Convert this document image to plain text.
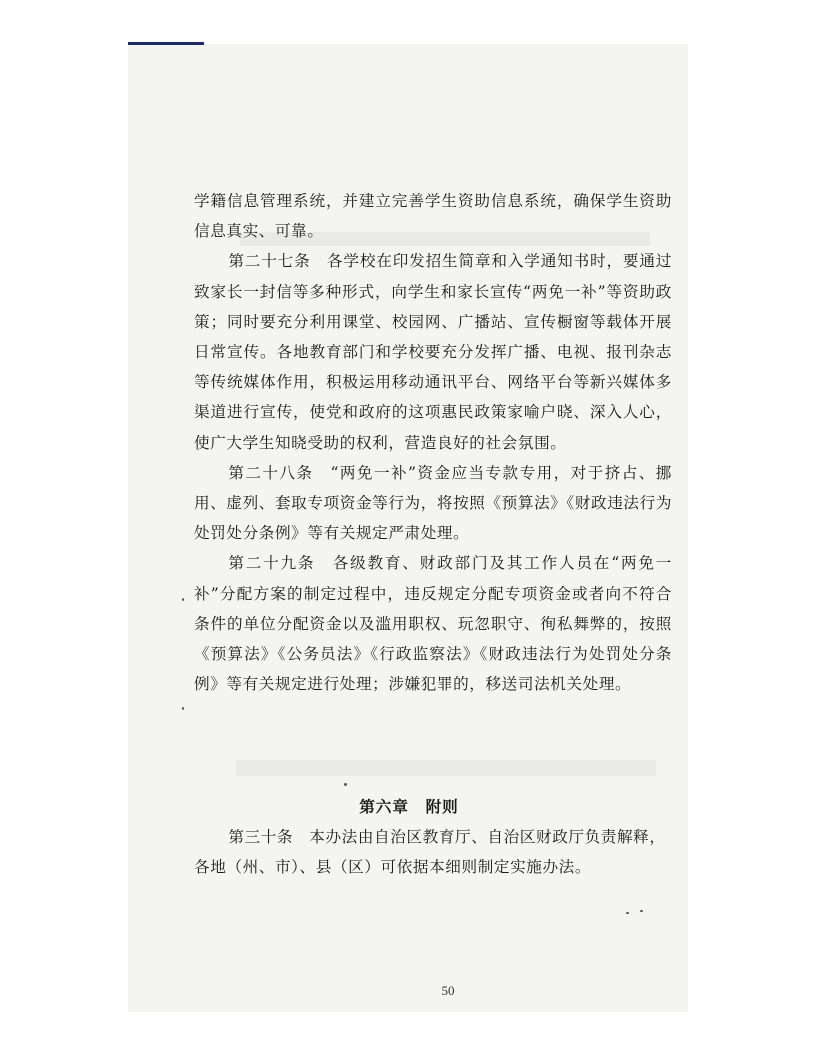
学籍信息管理系统，并建立完善学生资助信息系统，确保学生资助信息真实、可靠。

第二十七条　各学校在印发招生简章和入学通知书时，要通过致家长一封信等多种形式，向学生和家长宣传“两免一补”等资助政策；同时要充分利用课堂、校园网、广播站、宣传橱窗等载体开展日常宣传。各地教育部门和学校要充分发挥广播、电视、报刊杂志等传统媒体作用，积极运用移动通讯平台、网络平台等新兴媒体多渠道进行宣传，使党和政府的这项惠民政策家喻户晓、深入人心，使广大学生知晓受助的权利，营造良好的社会氛围。

第二十八条　“两免一补”资金应当专款专用，对于挤占、挪用、虚列、套取专项资金等行为，将按照《预算法》《财政违法行为处罚处分条例》等有关规定严肃处理。

第二十九条　各级教育、财政部门及其工作人员在“两免一补”分配方案的制定过程中，违反规定分配专项资金或者向不符合条件的单位分配资金以及滥用职权、玩忽职守、徇私舞弊的，按照《预算法》《公务员法》《行政监察法》《财政违法行为处罚处分条例》等有关规定进行处理；涉嫌犯罪的，移送司法机关处理。

第六章　附则

第三十条　本办法由自治区教育厅、自治区财政厅负责解释，各地（州、市）、县（区）可依据本细则制定实施办法。

50
